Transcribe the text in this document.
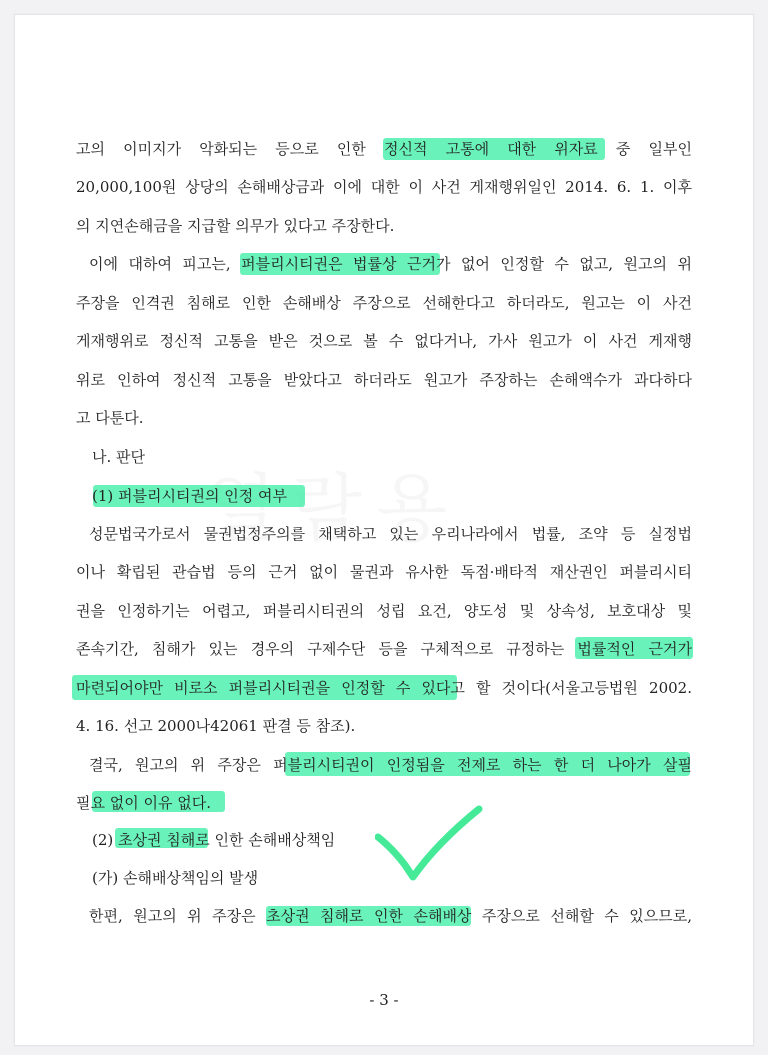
고의 이미지가 악화되는 등으로 인한 정신적 고통에 대한 위자료 중 일부인
20,000,100원 상당의 손해배상금과 이에 대한 이 사건 게재행위일인 2014. 6. 1. 이후
의 지연손해금을 지급할 의무가 있다고 주장한다.
이에 대하여 피고는, 퍼블리시티권은 법률상 근거가 없어 인정할 수 없고, 원고의 위
주장을 인격권 침해로 인한 손해배상 주장으로 선해한다고 하더라도, 원고는 이 사건
게재행위로 정신적 고통을 받은 것으로 볼 수 없다거나, 가사 원고가 이 사건 게재행
위로 인하여 정신적 고통을 받았다고 하더라도 원고가 주장하는 손해액수가 과다하다
고 다툰다.
나. 판단
(1) 퍼블리시티권의 인정 여부
성문법국가로서 물권법정주의를 채택하고 있는 우리나라에서 법률, 조약 등 실정법
이나 확립된 관습법 등의 근거 없이 물권과 유사한 독점·배타적 재산권인 퍼블리시티
권을 인정하기는 어렵고, 퍼블리시티권의 성립 요건, 양도성 및 상속성, 보호대상 및
존속기간, 침해가 있는 경우의 구제수단 등을 구체적으로 규정하는 법률적인 근거가
마련되어야만 비로소 퍼블리시티권을 인정할 수 있다고 할 것이다(서울고등법원 2002.
4. 16. 선고 2000나42061 판결 등 참조).
결국, 원고의 위 주장은 퍼블리시티권이 인정됨을 전제로 하는 한 더 나아가 살필
필요 없이 이유 없다.
(2) 초상권 침해로 인한 손해배상책임
(가) 손해배상책임의 발생
한편, 원고의 위 주장은 초상권 침해로 인한 손해배상 주장으로 선해할 수 있으므로,
- 3 -
